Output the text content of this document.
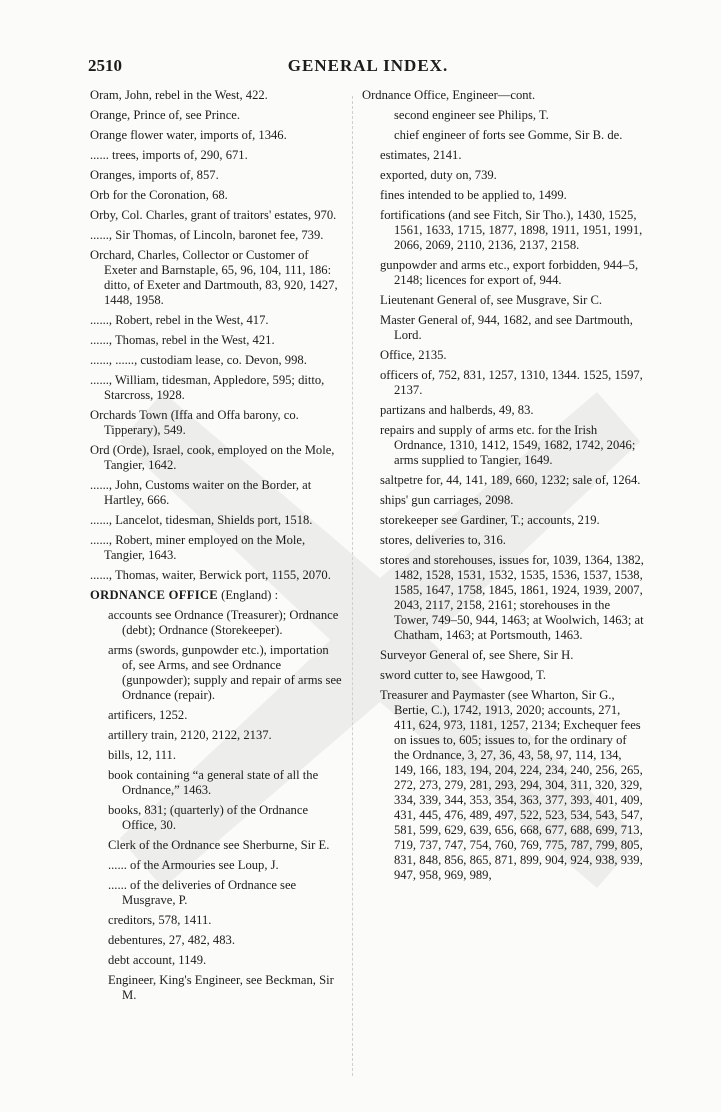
2510	GENERAL INDEX.

Oram, John, rebel in the West, 422.

Orange, Prince of, see Prince.

Orange flower water, imports of, 1346.

...... trees, imports of, 290, 671.

Oranges, imports of, 857.

Orb for the Coronation, 68.

Orby, Col. Charles, grant of traitors' estates, 970.

......, Sir Thomas, of Lincoln, baronet fee, 739.

Orchard, Charles, Collector or Customer of Exeter and Barnstaple, 65, 96, 104, 111, 186: ditto, of Exeter and Dartmouth, 83, 920, 1427, 1448, 1958.

......, Robert, rebel in the West, 417.

......, Thomas, rebel in the West, 421.

......, ......, custodiam lease, co. Devon, 998.

......, William, tidesman, Appledore, 595; ditto, Starcross, 1928.

Orchards Town (Iffa and Offa barony, co. Tipperary), 549.

Ord (Orde), Israel, cook, employed on the Mole, Tangier, 1642.

......, John, Customs waiter on the Border, at Hartley, 666.

......, Lancelot, tidesman, Shields port, 1518.

......, Robert, miner employed on the Mole, Tangier, 1643.

......, Thomas, waiter, Berwick port, 1155, 2070.

ORDNANCE OFFICE (England) :

accounts see Ordnance (Treasurer); Ordnance (debt); Ordnance (Storekeeper).

arms (swords, gunpowder etc.), importation of, see Arms, and see Ordnance (gunpowder); supply and repair of arms see Ordnance (repair).

artificers, 1252.

artillery train, 2120, 2122, 2137.

bills, 12, 111.

book containing “a general state of all the Ordnance,” 1463.

books, 831; (quarterly) of the Ordnance Office, 30.

Clerk of the Ordnance see Sherburne, Sir E.

...... of the Armouries see Loup, J.

...... of the deliveries of Ordnance see Musgrave, P.

creditors, 578, 1411.

debentures, 27, 482, 483.

debt account, 1149.

Engineer, King's Engineer, see Beckman, Sir M.

Ordnance Office, Engineer—cont.

second engineer see Philips, T.

chief engineer of forts see Gomme, Sir B. de.

estimates, 2141.

exported, duty on, 739.

fines intended to be applied to, 1499.

fortifications (and see Fitch, Sir Tho.), 1430, 1525, 1561, 1633, 1715, 1877, 1898, 1911, 1951, 1991, 2066, 2069, 2110, 2136, 2137, 2158.

gunpowder and arms etc., export forbidden, 944–5, 2148; licences for export of, 944.

Lieutenant General of, see Musgrave, Sir C.

Master General of, 944, 1682, and see Dartmouth, Lord.

Office, 2135.

officers of, 752, 831, 1257, 1310, 1344. 1525, 1597, 2137.

partizans and halberds, 49, 83.

repairs and supply of arms etc. for the Irish Ordnance, 1310, 1412, 1549, 1682, 1742, 2046; arms supplied to Tangier, 1649.

saltpetre for, 44, 141, 189, 660, 1232; sale of, 1264.

ships' gun carriages, 2098.

storekeeper see Gardiner, T.; accounts, 219.

stores, deliveries to, 316.

stores and storehouses, issues for, 1039, 1364, 1382, 1482, 1528, 1531, 1532, 1535, 1536, 1537, 1538, 1585, 1647, 1758, 1845, 1861, 1924, 1939, 2007, 2043, 2117, 2158, 2161; storehouses in the Tower, 749–50, 944, 1463; at Woolwich, 1463; at Chatham, 1463; at Portsmouth, 1463.

Surveyor General of, see Shere, Sir H.

sword cutter to, see Hawgood, T.

Treasurer and Paymaster (see Wharton, Sir G., Bertie, C.), 1742, 1913, 2020; accounts, 271, 411, 624, 973, 1181, 1257, 2134; Exchequer fees on issues to, 605; issues to, for the ordinary of the Ordnance, 3, 27, 36, 43, 58, 97, 114, 134, 149, 166, 183, 194, 204, 224, 234, 240, 256, 265, 272, 273, 279, 281, 293, 294, 304, 311, 320, 329, 334, 339, 344, 353, 354, 363, 377, 393, 401, 409, 431, 445, 476, 489, 497, 522, 523, 534, 543, 547, 581, 599, 629, 639, 656, 668, 677, 688, 699, 713, 719, 737, 747, 754, 760, 769, 775, 787, 799, 805, 831, 848, 856, 865, 871, 899, 904, 924, 938, 939, 947, 958, 969, 989,
